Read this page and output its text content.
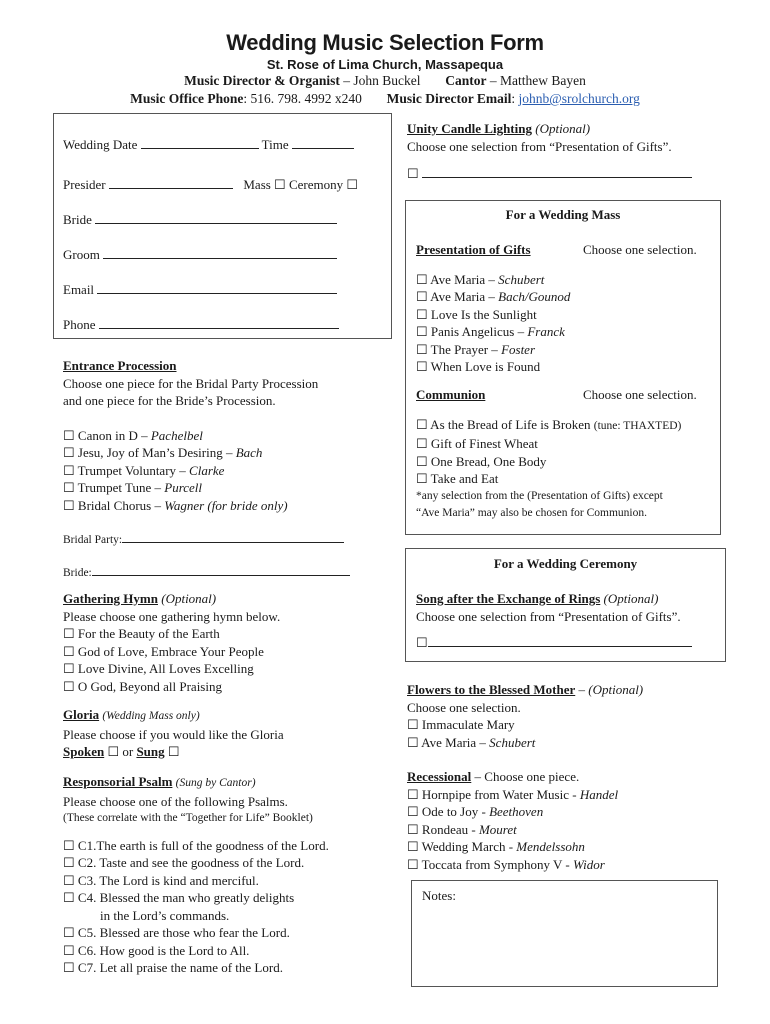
Wedding Music Selection Form
St. Rose of Lima Church, Massapequa
Music Director & Organist – John Buckel Cantor – Matthew Bayen
Music Office Phone: 516. 798. 4992 x240 Music Director Email: johnb@srolchurch.org
Wedding Date	Time
Presider	Mass ☐ Ceremony ☐
Bride
Groom
Email
Phone
Entrance Procession
Choose one piece for the Bridal Party Procession
and one piece for the Bride’s Procession.
☐ Canon in D – Pachelbel
☐ Jesu, Joy of Man’s Desiring – Bach
☐ Trumpet Voluntary – Clarke
☐ Trumpet Tune – Purcell
☐ Bridal Chorus – Wagner (for bride only)
Bridal Party:
Bride:
Gathering Hymn (Optional)
Please choose one gathering hymn below.
☐ For the Beauty of the Earth
☐ God of Love, Embrace Your People
☐ Love Divine, All Loves Excelling
☐ O God, Beyond all Praising
Gloria (Wedding Mass only)
Please choose if you would like the Gloria
Spoken ☐ or Sung ☐
Responsorial Psalm (Sung by Cantor)
Please choose one of the following Psalms.
(These correlate with the “Together for Life” Booklet)
☐ C1.The earth is full of the goodness of the Lord.
☐ C2. Taste and see the goodness of the Lord.
☐ C3. The Lord is kind and merciful.
☐ C4. Blessed the man who greatly delights
in the Lord’s commands.
☐ C5. Blessed are those who fear the Lord.
☐ C6. How good is the Lord to All.
☐ C7. Let all praise the name of the Lord.
Unity Candle Lighting (Optional)
Choose one selection from “Presentation of Gifts”.
☐
For a Wedding Mass
Presentation of Gifts	Choose one selection.
☐ Ave Maria – Schubert
☐ Ave Maria – Bach/Gounod
☐ Love Is the Sunlight
☐ Panis Angelicus – Franck
☐ The Prayer – Foster
☐ When Love is Found
Communion	Choose one selection.
☐ As the Bread of Life is Broken (tune: THAXTED)
☐ Gift of Finest Wheat
☐ One Bread, One Body
☐ Take and Eat
*any selection from the (Presentation of Gifts) except
“Ave Maria” may also be chosen for Communion.
For a Wedding Ceremony
Song after the Exchange of Rings (Optional)
Choose one selection from “Presentation of Gifts”.
☐
Flowers to the Blessed Mother – (Optional)
Choose one selection.
☐ Immaculate Mary
☐ Ave Maria – Schubert
Recessional – Choose one piece.
☐ Hornpipe from Water Music - Handel
☐ Ode to Joy - Beethoven
☐ Rondeau - Mouret
☐ Wedding March - Mendelssohn
☐ Toccata from Symphony V - Widor
Notes:
